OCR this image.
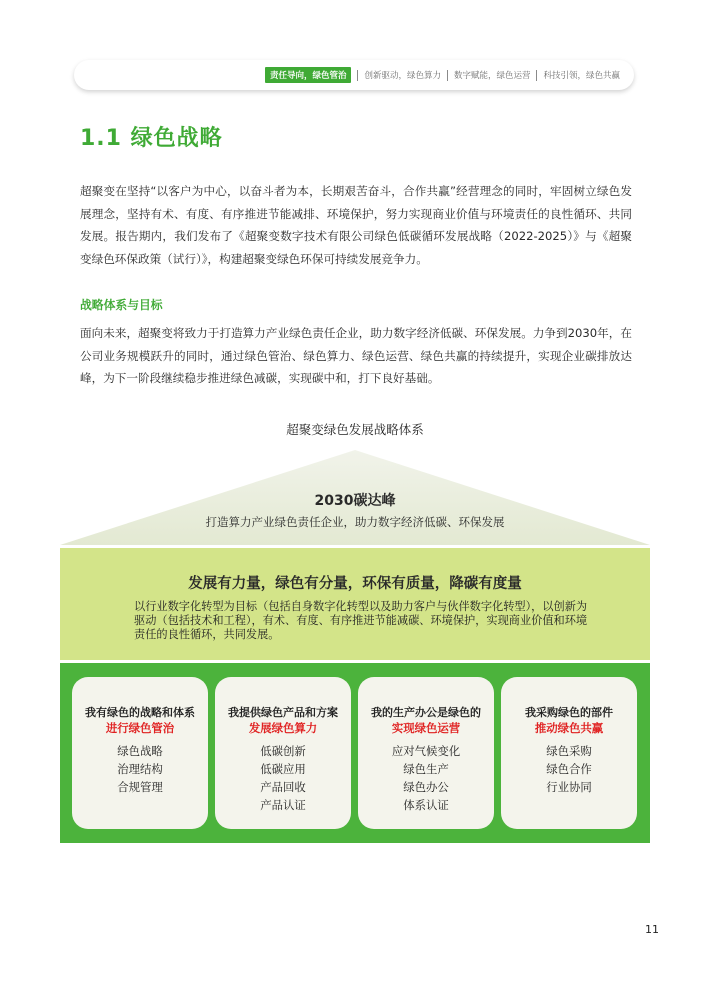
责任导向，绿色管治	创新驱动，绿色算力 数字赋能，绿色运营 科技引领，绿色共赢
1.1 绿色战略

超聚变在坚持“以客户为中心，以奋斗者为本，长期艰苦奋斗，合作共赢”经营理念的同时，牢固树立绿色发展理念，坚持有术、有度、有序推进节能减排、环境保护，努力实现商业价值与环境责任的良性循环、共同发展。报告期内，我们发布了《超聚变数字技术有限公司绿色低碳循环发展战略（2022-2025）》与《超聚变绿色环保政策（试行）》，构建超聚变绿色环保可持续发展竞争力。

战略体系与目标

面向未来，超聚变将致力于打造算力产业绿色责任企业，助力数字经济低碳、环保发展。力争到2030年，在公司业务规模跃升的同时，通过绿色管治、绿色算力、绿色运营、绿色共赢的持续提升，实现企业碳排放达峰，为下一阶段继续稳步推进绿色减碳，实现碳中和，打下良好基础。

超聚变绿色发展战略体系
2030碳达峰
打造算力产业绿色责任企业，助力数字经济低碳、环保发展
发展有力量，绿色有分量，环保有质量，降碳有度量

以行业数字化转型为目标（包括自身数字化转型以及助力客户与伙伴数字化转型），以创新为驱动（包括技术和工程），有术、有度、有序推进节能减碳、环境保护，实现商业价值和环境责任的良性循环，共同发展。

我有绿色的战略和体系
进行绿色管治
绿色战略
治理结构
合规管理
我提供绿色产品和方案
发展绿色算力
低碳创新
低碳应用
产品回收
产品认证
我的生产办公是绿色的
实现绿色运营
应对气候变化
绿色生产
绿色办公
体系认证
我采购绿色的部件
推动绿色共赢
绿色采购
绿色合作
行业协同
11
